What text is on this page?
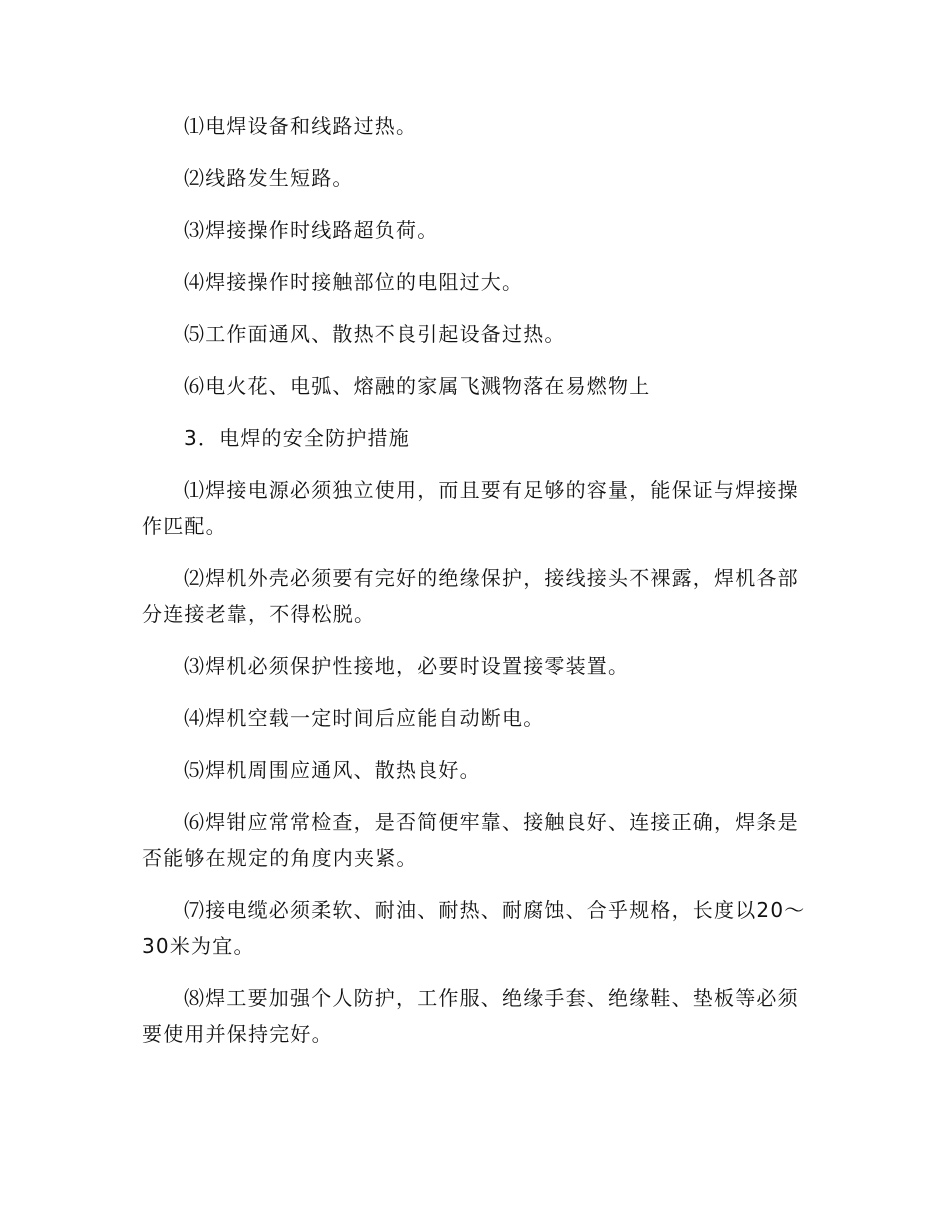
⑴电焊设备和线路过热。

⑵线路发生短路。

⑶焊接操作时线路超负荷。

⑷焊接操作时接触部位的电阻过大。

⑸工作面通风、散热不良引起设备过热。

⑹电火花、电弧、熔融的家属飞溅物落在易燃物上

3．电焊的安全防护措施

⑴焊接电源必须独立使用，而且要有足够的容量，能保证与焊接操作匹配。

⑵焊机外壳必须要有完好的绝缘保护，接线接头不裸露，焊机各部分连接老靠，不得松脱。

⑶焊机必须保护性接地，必要时设置接零装置。

⑷焊机空载一定时间后应能自动断电。

⑸焊机周围应通风、散热良好。

⑹焊钳应常常检查，是否简便牢靠、接触良好、连接正确，焊条是否能够在规定的角度内夹紧。

⑺接电缆必须柔软、耐油、耐热、耐腐蚀、合乎规格，长度以20～30米为宜。

⑻焊工要加强个人防护，工作服、绝缘手套、绝缘鞋、垫板等必须要使用并保持完好。
